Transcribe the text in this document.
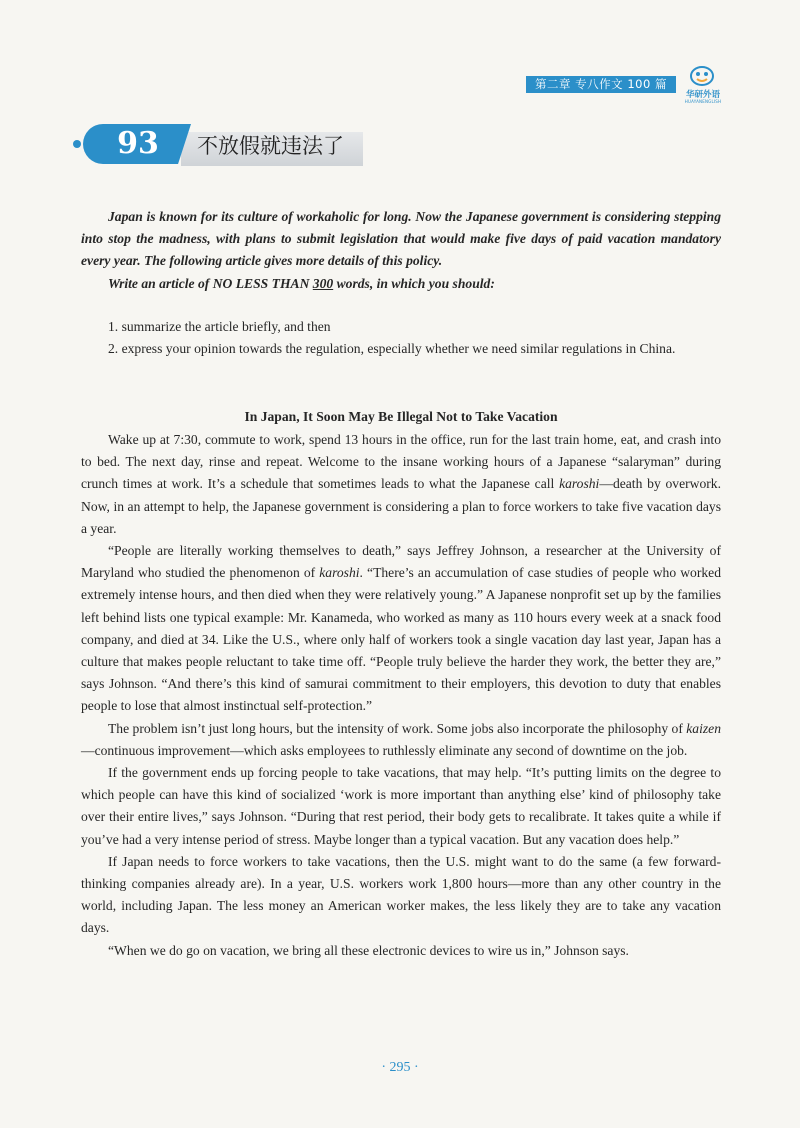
第二章 专八作文 100 篇
华研外语
HUAYANENGLISH
93	不放假就违法了

Japan is known for its culture of workaholic for long. Now the Japanese government is considering stepping into stop the madness, with plans to submit legislation that would make five days of paid vacation mandatory every year. The following article gives more details of this policy.

Write an article of NO LESS THAN 300 words, in which you should:

1. summarize the article briefly, and then

2. express your opinion towards the regulation, especially whether we need similar regulations in China.

In Japan, It Soon May Be Illegal Not to Take Vacation

Wake up at 7:30, commute to work, spend 13 hours in the office, run for the last train home, eat, and crash into to bed. The next day, rinse and repeat. Welcome to the insane working hours of a Japanese “salaryman” during crunch times at work. It’s a schedule that sometimes leads to what the Japanese call karoshi—death by overwork. Now, in an attempt to help, the Japanese government is considering a plan to force workers to take five vacation days a year.

“People are literally working themselves to death,” says Jeffrey Johnson, a researcher at the University of Maryland who studied the phenomenon of karoshi. “There’s an accumulation of case studies of people who worked extremely intense hours, and then died when they were relatively young.” A Japanese nonprofit set up by the families left behind lists one typical example: Mr. Kanameda, who worked as many as 110 hours every week at a snack food company, and died at 34. Like the U.S., where only half of workers took a single vacation day last year, Japan has a culture that makes people reluctant to take time off. “People truly believe the harder they work, the better they are,” says Johnson. “And there’s this kind of samurai commitment to their employers, this devotion to duty that enables people to lose that almost instinctual self-protection.”

The problem isn’t just long hours, but the intensity of work. Some jobs also incorporate the philosophy of kaizen—continuous improvement—which asks employees to ruthlessly eliminate any second of downtime on the job.

If the government ends up forcing people to take vacations, that may help. “It’s putting limits on the degree to which people can have this kind of socialized ‘work is more important than anything else’ kind of philosophy take over their entire lives,” says Johnson. “During that rest period, their body gets to recalibrate. It takes quite a while if you’ve had a very intense period of stress. Maybe longer than a typical vacation. But any vacation does help.”

If Japan needs to force workers to take vacations, then the U.S. might want to do the same (a few forward-thinking companies already are). In a year, U.S. workers work 1,800 hours—more than any other country in the world, including Japan. The less money an American worker makes, the less likely they are to take any vacation days.

“When we do go on vacation, we bring all these electronic devices to wire us in,” Johnson says.

· 295 ·
